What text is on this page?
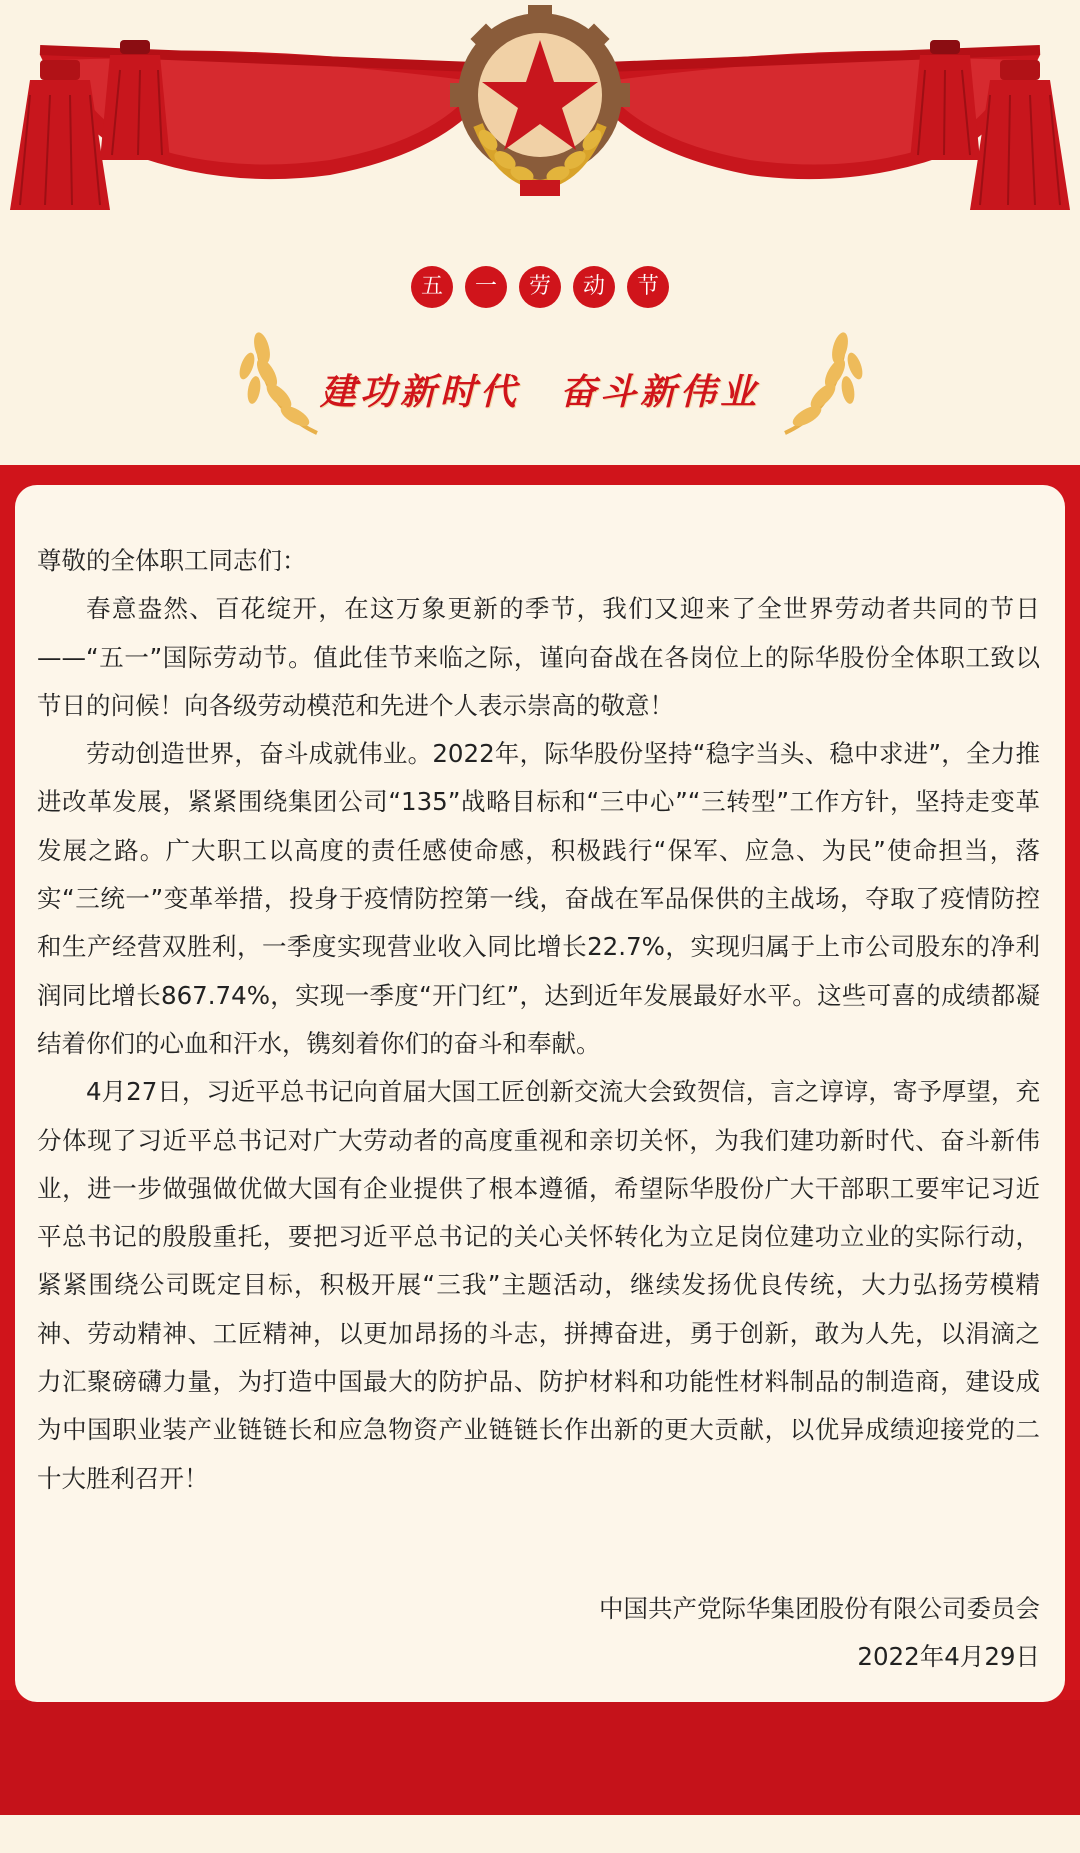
五	一	劳	动	节
建功新时代 奋斗新伟业

尊敬的全体职工同志们：

春意盎然、百花绽开，在这万象更新的季节，我们又迎来了全世界劳动者共同的节日——“五一”国际劳动节。值此佳节来临之际，谨向奋战在各岗位上的际华股份全体职工致以节日的问候！向各级劳动模范和先进个人表示崇高的敬意！

劳动创造世界，奋斗成就伟业。2022年，际华股份坚持“稳字当头、稳中求进”，全力推进改革发展，紧紧围绕集团公司“135”战略目标和“三中心”“三转型”工作方针，坚持走变革发展之路。广大职工以高度的责任感使命感，积极践行“保军、应急、为民”使命担当，落实“三统一”变革举措，投身于疫情防控第一线，奋战在军品保供的主战场，夺取了疫情防控和生产经营双胜利，一季度实现营业收入同比增长22.7%，实现归属于上市公司股东的净利润同比增长867.74%，实现一季度“开门红”，达到近年发展最好水平。这些可喜的成绩都凝结着你们的心血和汗水，镌刻着你们的奋斗和奉献。

4月27日，习近平总书记向首届大国工匠创新交流大会致贺信，言之谆谆，寄予厚望，充分体现了习近平总书记对广大劳动者的高度重视和亲切关怀，为我们建功新时代、奋斗新伟业，进一步做强做优做大国有企业提供了根本遵循，希望际华股份广大干部职工要牢记习近平总书记的殷殷重托，要把习近平总书记的关心关怀转化为立足岗位建功立业的实际行动，紧紧围绕公司既定目标，积极开展“三我”主题活动，继续发扬优良传统，大力弘扬劳模精神、劳动精神、工匠精神，以更加昂扬的斗志，拼搏奋进，勇于创新，敢为人先，以涓滴之力汇聚磅礴力量，为打造中国最大的防护品、防护材料和功能性材料制品的制造商，建设成为中国职业装产业链链长和应急物资产业链链长作出新的更大贡献，以优异成绩迎接党的二十大胜利召开！

中国共产党际华集团股份有限公司委员会
2022年4月29日
